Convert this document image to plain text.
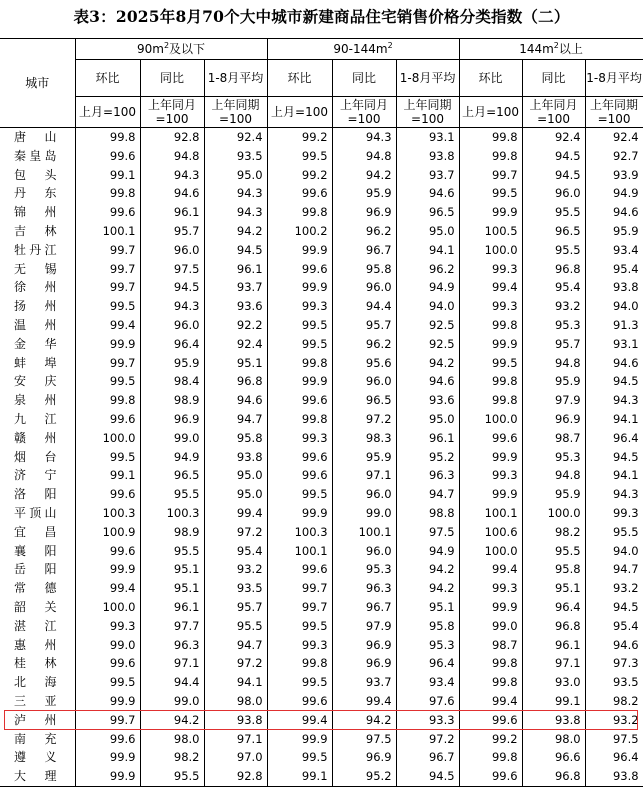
表3：2025年8月70个大中城市新建商品住宅销售价格分类指数（二）
城市	$90m^2$及以下			$90-144m^2$			$144m^2$以上		
	环比	同比	1-8月平均	环比	同比	1-8月平均	环比	同比	1-8月平均
	上月=100	上年同月=100	上年同期=100	上月=100	上年同月=100	上年同期=100	上月=100	上年同月=100	上年同期=100

唐 山	99.8	92.8	92.4	99.2	94.3	93.1	99.8	92.4	92.4

秦 皇 岛	99.6	94.8	93.5	99.5	94.8	93.8	99.8	94.5	92.7

包 头	99.1	94.3	95.0	99.2	94.2	93.7	99.7	94.5	93.9

丹 东	99.8	94.6	94.3	99.6	95.9	94.6	99.5	96.0	94.9

锦 州	99.6	96.1	94.3	99.8	96.9	96.5	99.9	95.5	94.6

吉 林	100.1	95.7	94.2	100.2	96.2	95.0	100.5	96.5	95.9

牡 丹 江	99.7	96.0	94.5	99.9	96.7	94.1	100.0	95.5	93.4

无 锡	99.7	97.5	96.1	99.6	95.8	96.2	99.3	96.8	95.4

徐 州	99.7	94.5	93.7	99.9	96.0	94.9	99.4	95.4	93.8

扬 州	99.5	94.3	93.6	99.3	94.4	94.0	99.3	93.2	94.0

温 州	99.4	96.0	92.2	99.5	95.7	92.5	99.8	95.3	91.3

金 华	99.9	96.4	92.4	99.5	96.2	92.5	99.9	95.7	93.1

蚌 埠	99.7	95.9	95.1	99.8	95.6	94.2	99.5	94.8	94.6

安 庆	99.5	98.4	96.8	99.9	96.0	94.6	99.8	95.9	94.5

泉 州	99.8	98.9	94.6	99.6	96.5	93.6	99.8	97.9	94.3

九 江	99.6	96.9	94.7	99.8	97.2	95.0	100.0	96.9	94.1

赣 州	100.0	99.0	95.8	99.3	98.3	96.1	99.6	98.7	96.4

烟 台	99.5	94.9	93.8	99.6	95.9	95.2	99.9	95.3	94.5

济 宁	99.1	96.5	95.0	99.6	97.1	96.3	99.3	94.8	94.1

洛 阳	99.6	95.5	95.0	99.5	96.0	94.7	99.9	95.9	94.3

平 顶 山	100.3	100.3	99.4	99.9	99.0	98.8	100.1	100.0	99.3

宜 昌	100.9	98.9	97.2	100.3	100.1	97.5	100.6	98.2	95.5

襄 阳	99.6	95.5	95.4	100.1	96.0	94.9	100.0	95.5	94.0

岳 阳	99.9	95.1	93.2	99.6	95.3	94.2	99.4	95.8	94.7

常 德	99.4	95.1	93.5	99.7	96.3	94.2	99.3	95.1	93.2

韶 关	100.0	96.1	95.7	99.7	96.7	95.1	99.9	96.4	94.5

湛 江	99.3	97.7	95.5	99.5	97.9	95.8	99.0	96.8	95.4

惠 州	99.0	96.3	94.7	99.3	96.9	95.3	98.7	96.1	94.6

桂 林	99.6	97.1	97.2	99.8	96.9	96.4	99.8	97.1	97.3

北 海	99.5	94.4	94.1	99.5	93.7	93.4	99.8	93.0	93.5

三 亚	99.9	99.0	98.0	99.6	99.4	97.6	99.4	99.1	98.2

泸 州	99.7	94.2	93.8	99.4	94.2	93.3	99.6	93.8	93.2

南 充	99.6	98.0	97.1	99.9	97.5	97.2	99.2	98.0	97.5

遵 义	99.9	98.2	97.0	99.5	96.9	96.7	99.8	96.6	96.4

大 理	99.9	95.5	92.8	99.1	95.2	94.5	99.6	96.8	93.8
